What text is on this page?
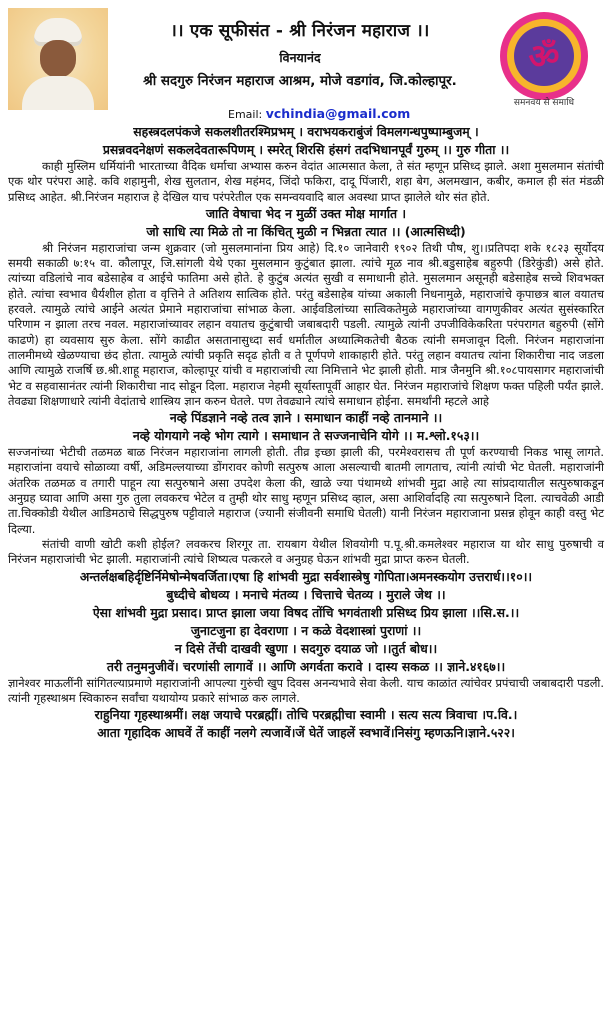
ॐ
समनवय से समाधि
।। एक सूफीसंत - श्री निरंजन महाराज ।।
विनयानंद
श्री सदगुरु निरंजन महाराज आश्रम, मोजे वडगांव, जि.कोल्हापूर.
Email: vchindia@gmail.com

सहस्त्रदलपंकजे सकलशीतरश्मिप्रभम् । वराभयकराबुंजं विमलगन्धपुष्पाम्बुजम् ।

प्रसन्नवदनेक्षणं सकलदेवतारूपिणम् । स्मरेत् शिरसि हंसगं तदभिधानपूर्वं गुरुम् ।। गुरु गीता ।।

काही मुस्लिम धर्मियांनी भारताच्या वैदिक धर्माचा अभ्यास करुन वेदांत आत्मसात केला, ते संत म्हणून प्रसिध्द झाले. अशा मुसलमान संतांची एक थोर परंपरा आहे. कवि शहामुनी, शेख सुलतान, शेख महंमद, जिंदो फकिरा, दादू पिंजारी, शहा बेग, अलमखान, कबीर, कमाल ही संत मंडळी प्रसिध्द आहेत. श्री.निरंजन महाराज हे देखिल याच परंपरेतील एक समन्वयवादि बाल अवस्था प्राप्त झालेले थोर संत होते.

जाति वेषाचा भेद न मुळीं उक्त मोक्ष मार्गात ।

जो साधि त्या मिळे तो ना किंचित् मुळी न भिन्नता त्यात ।। (आत्मसिध्दी)

श्री निरंजन महाराजांचा जन्म शुक्रवार (जो मुसलमानांना प्रिय आहे) दि.१० जानेवारी १९०२ तिथी पौष, शु।।प्रतिपदा शके १८२३ सूर्योदय समयी सकाळी ७:१५ वा. कौलापूर, जि.सांगली येथे एका मुसलमान कुटुंबात झाला. त्यांचे मूळ नाव श्री.बडुसाहेब बहुरुपी (डिरेकुंडी) असे होते. त्यांच्या वडिलांचे नाव बडेसाहेब व आईचे फातिमा असे होते. हे कुटुंब अत्यंत सुखी व समाधानी होते. मुसलमान असूनही बडेसाहेब सच्चे शिवभक्त होते. त्यांचा स्वभाव धैर्यशील होता व वृत्तिने ते अतिशय सात्विक होते. परंतु बडेसाहेब यांच्या अकाली निधनामुळे, महाराजांचे कृपाछत्र बाल वयातच हरवले. त्यामुळे त्यांचे आईने अत्यंत प्रेमाने महाराजांचा सांभाळ केला. आईवडिलांच्या सात्विकतेमुळे महाराजांच्या वागणुकीवर अत्यंत सुसंस्कारित परिणाम न झाला तरच नवल. महाराजांच्यावर लहान वयातच कुटुंबाची जबाबदारी पडली. त्यामुळे त्यांनी उपजीविकेकरिता परंपरागत बहुरुपी (सोंगे काढणे) हा व्यवसाय सुरु केला. सोंगे काढीत असतानासुध्दा सर्व धर्मातील अध्यात्मिकतेची बैठक त्यांनी समजावून दिली. निरंजन महाराजांना तालमीमध्ये खेळण्याचा छंद होता. त्यामुळे त्यांची प्रकृति सदृढ होती व ते पूर्णपणे शाकाहारी होते. परंतु लहान वयातच त्यांना शिकारीचा नाद जडला आणि त्यामुळे राजर्षि छ.श्री.शाहू महाराज, कोल्हापूर यांची व महाराजांची त्या निमित्ताने भेट झाली होती. मात्र जैनमुनि श्री.१०८पायसागर महाराजांची भेट व सहवासानंतर त्यांनी शिकारीचा नाद सोडून दिला. महाराज नेहमी सूर्यास्तापूर्वी आहार घेत. निरंजन महाराजांचे शिक्षण फक्त पहिली पर्यंत झाले. तेवढ्या शिक्षणाधारे त्यांनी वेदांताचे शास्त्रिय ज्ञान करुन घेतले. पण तेवढ्याने त्यांचे समाधान होईना. समर्थांनी म्हटले आहे

नव्हे पिंडज्ञाने नव्हे तत्व ज्ञाने । समाधान काहीं नव्हे तानमाने ।।

नव्हे योगयागे नव्हे भोग त्यागे । समाधान ते सज्जनाचेनि योगे ।। म.श्लो.१५३।।

सज्जनांच्या भेटीची तळमळ बाळ निरंजन महाराजांना लागली होती. तीव्र इच्छा झाली की, परमेश्वरासच ती पूर्ण करण्याची निकड भासू लागते. महाराजांना वयाचे सोळाव्या वर्षी, अडिमल्लयाच्या डोंगरावर कोणी सत्पुरुष आला असल्याची बातमी लागताच, त्यांनी त्यांची भेट घेतली. महाराजांनी अंतरिक तळमळ व तगारी पाहून त्या सत्पुरुषाने असा उपदेश केला की, खाळे ज्या पंथामध्ये शांभवी मुद्रा आहे त्या सांप्रदायातील सत्पुरुषाकडून अनुग्रह घ्यावा आणि असा गुरु तुला लवकरच भेटेल व तुम्ही थोर साधु म्हणून प्रसिध्द व्हाल, असा आशिर्वादहि त्या सत्पुरुषाने दिला. त्याचवेळी आडी ता.चिक्कोडी येथील आडिमठाचे सिद्धपुरुष पट्टीवाले महाराज (ज्यानी संजीवनी समाधि घेतली) यानी निरंजन महाराजाना प्रसन्न होवून काही वस्तु भेट दिल्या.

संतांची वाणी खोटी कशी होईल? लवकरच शिरगूर ता. रायबाग येथील शिवयोगी प.पू.श्री.कमलेश्वर महाराज या थोर साधु पुरुषाची व निरंजन महाराजांची भेट झाली. महाराजांनी त्यांचे शिष्यत्व पत्करले व अनुग्रह घेऊन शांभवी मुद्रा प्राप्त करुन घेतली.

अन्तर्लक्षबहिर्दृष्टिर्निमेषोन्मेषवर्जिता।एषा हि शांभवी मुद्रा सर्वशास्त्रेषु गोपिता।अमनस्कयोग उत्तरार्ध।।१०।।

बुध्दीचे बोधव्य । मनाचे मंतव्य । चित्ताचे चेतव्य । मुराले जेथ ।।

ऐसा शांभवी मुद्रा प्रसाद। प्राप्त झाला जया विषद तोंचि भगवंताशी प्रसिध्द प्रिय झाला ।।सि.स.।।

जुनाटजुना हा देवराणा । न कळे वेदशास्त्रां पुराणां ।।

न दिसे तेंची दाखवी खुणा । सदगुरु दयाळ जो ।।तुर्त बोध।।

तरी तनुमनुजीवें। चरणांसी लागावें ।। आणि अगर्वता करावे । दास्य सकळ ।। ज्ञाने.४१६७।।

ज्ञानेश्वर माऊलींनी सांगितल्याप्रमाणे महाराजांनी आपल्या गुरुंची खुप दिवस अनन्यभावे सेवा केली. याच काळांत त्यांचेवर प्रपंचाची जबाबदारी पडली. त्यांनी गृहस्थाश्रम स्विकारुन सर्वांचा यथायोग्य प्रकारे सांभाळ करु लागले.

राहुनिया गृहस्थाश्रमीं। लक्ष जयाचे परब्रह्मीं। तोचि परब्रह्मीचा स्वामी । सत्य सत्य त्रिवाचा ।प.वि.।

आता गृहादिक आघवें तें काहीं नलगे त्यजावें।जें घेतें जाहलें स्वभावें।निसंगु म्हणऊनि।ज्ञाने.५२२।
